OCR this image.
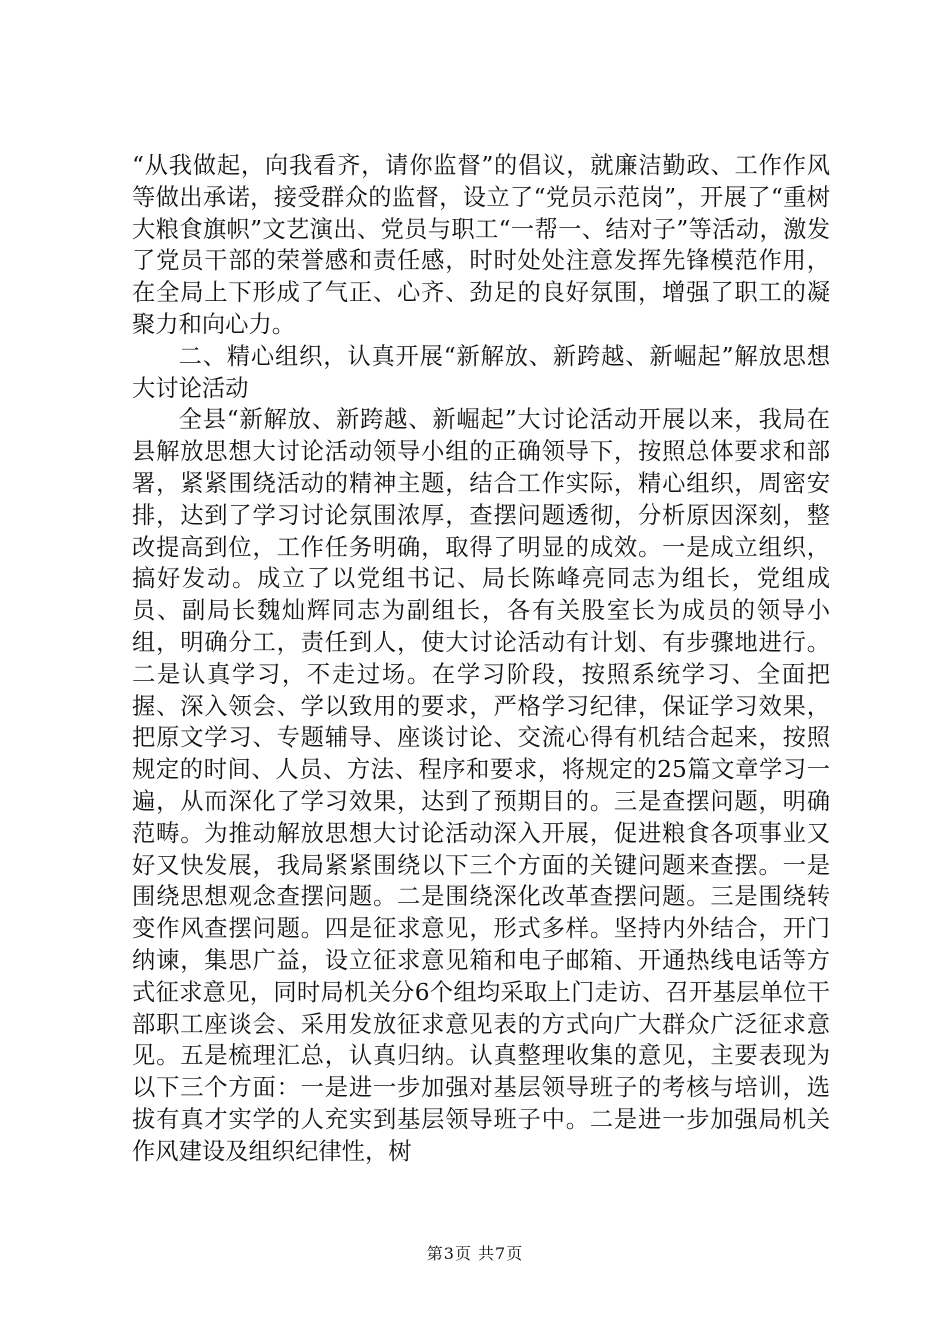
“从我做起，向我看齐，请你监督”的倡议，就廉洁勤政、工作作风等做出承诺，接受群众的监督，设立了“党员示范岗”，开展了“重树大粮食旗帜”文艺演出、党员与职工“一帮一、结对子”等活动，激发了党员干部的荣誉感和责任感，时时处处注意发挥先锋模范作用，在全局上下形成了气正、心齐、劲足的良好氛围，增强了职工的凝聚力和向心力。

二、精心组织，认真开展“新解放、新跨越、新崛起”解放思想大讨论活动

全县“新解放、新跨越、新崛起”大讨论活动开展以来，我局在县解放思想大讨论活动领导小组的正确领导下，按照总体要求和部署，紧紧围绕活动的精神主题，结合工作实际，精心组织，周密安排，达到了学习讨论氛围浓厚，查摆问题透彻，分析原因深刻，整改提高到位，工作任务明确，取得了明显的成效。一是成立组织，搞好发动。成立了以党组书记、局长陈峰亮同志为组长，党组成员、副局长魏灿辉同志为副组长，各有关股室长为成员的领导小组，明确分工，责任到人，使大讨论活动有计划、有步骤地进行。二是认真学习，不走过场。在学习阶段，按照系统学习、全面把握、深入领会、学以致用的要求，严格学习纪律，保证学习效果，把原文学习、专题辅导、座谈讨论、交流心得有机结合起来，按照规定的时间、人员、方法、程序和要求，将规定的25篇文章学习一遍，从而深化了学习效果，达到了预期目的。三是查摆问题，明确范畴。为推动解放思想大讨论活动深入开展，促进粮食各项事业又好又快发展，我局紧紧围绕以下三个方面的关键问题来查摆。一是围绕思想观念查摆问题。二是围绕深化改革查摆问题。三是围绕转变作风查摆问题。四是征求意见，形式多样。坚持内外结合，开门纳谏，集思广益，设立征求意见箱和电子邮箱、开通热线电话等方式征求意见，同时局机关分6个组均采取上门走访、召开基层单位干部职工座谈会、采用发放征求意见表的方式向广大群众广泛征求意见。五是梳理汇总，认真归纳。认真整理收集的意见，主要表现为以下三个方面：一是进一步加强对基层领导班子的考核与培训，选拔有真才实学的人充实到基层领导班子中。二是进一步加强局机关作风建设及组织纪律性，树

第3页 共7页
